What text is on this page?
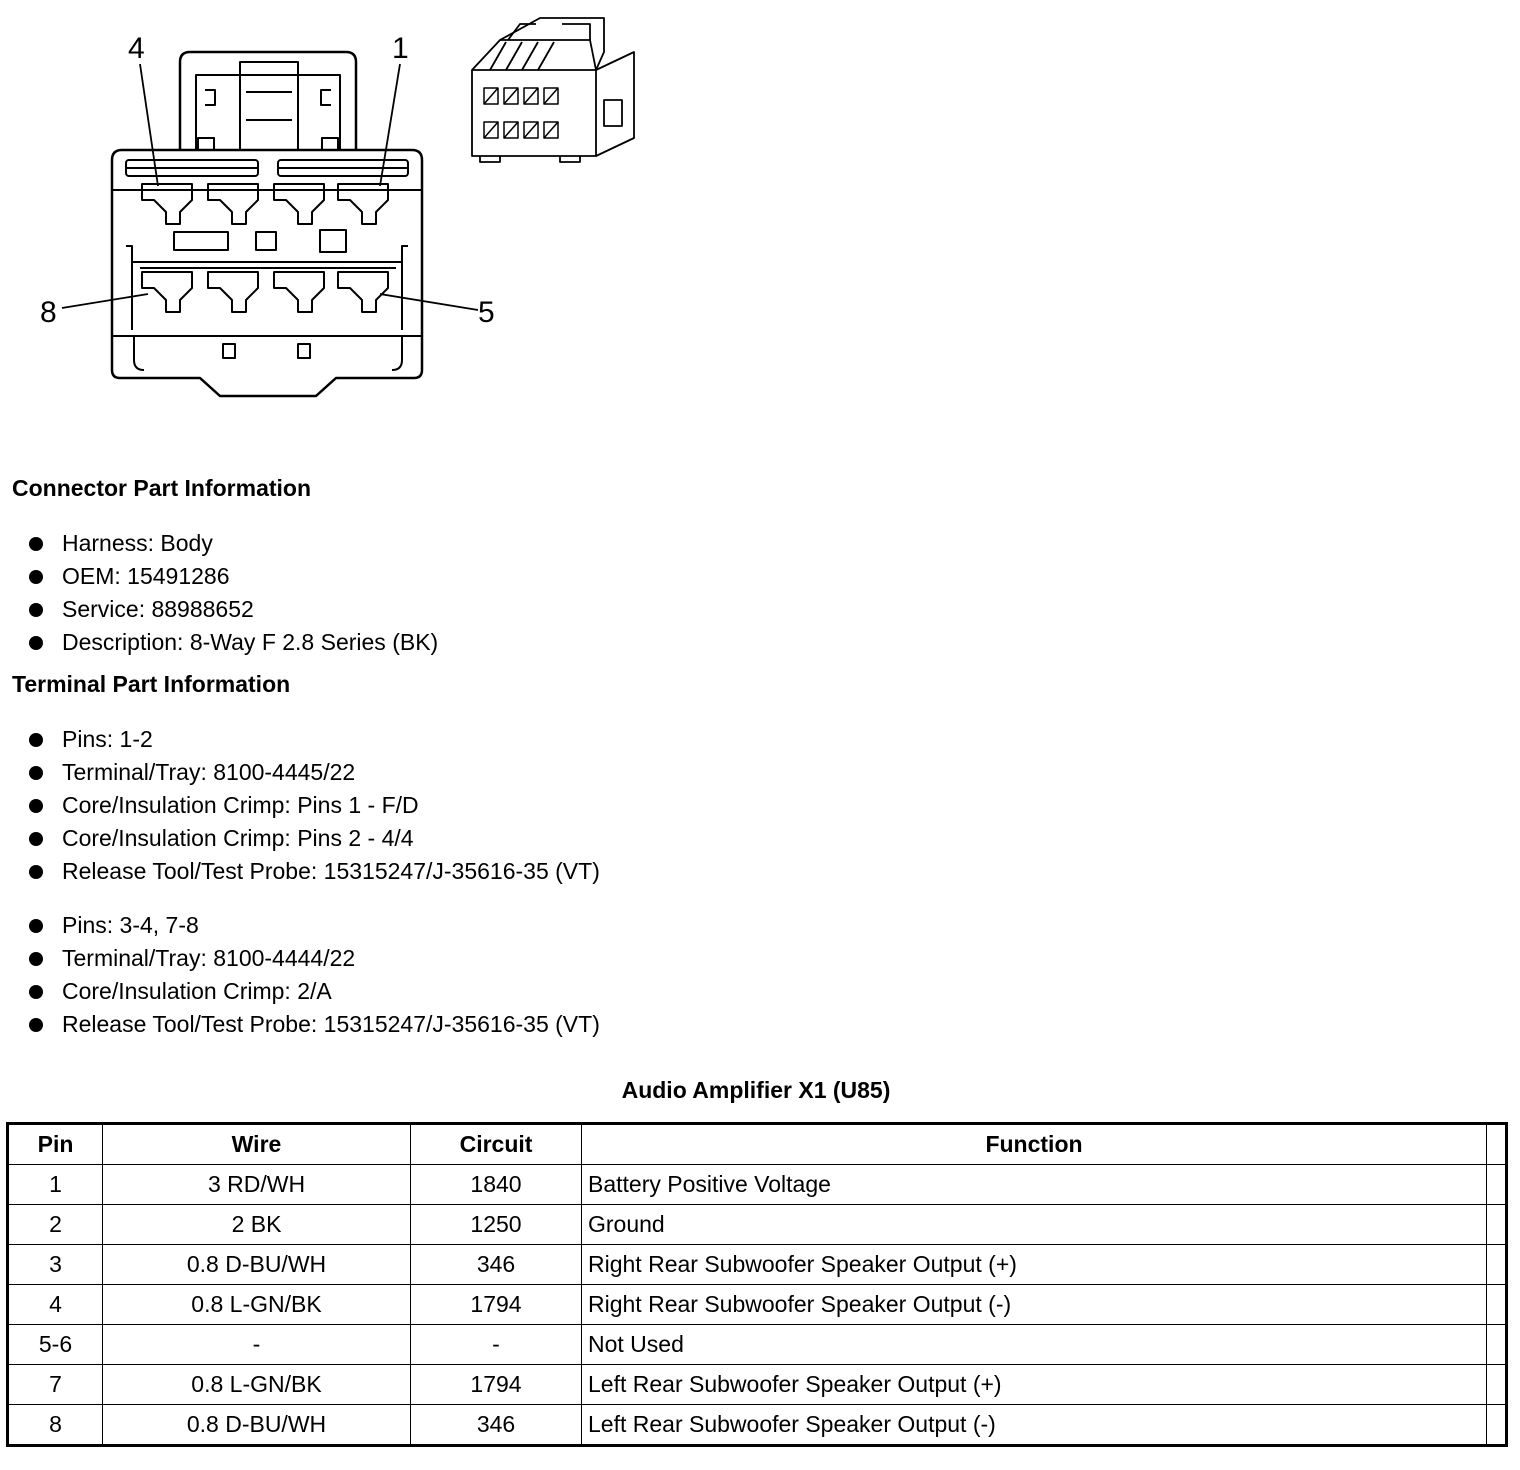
4	1
8	5
Connector Part Information
Harness: Body
OEM: 15491286
Service: 88988652
Description: 8-Way F 2.8 Series (BK)
Terminal Part Information
Pins: 1-2
Terminal/Tray: 8100-4445/22
Core/Insulation Crimp: Pins 1 - F/D
Core/Insulation Crimp: Pins 2 - 4/4
Release Tool/Test Probe: 15315247/J-35616-35 (VT)
Pins: 3-4, 7-8
Terminal/Tray: 8100-4444/22
Core/Insulation Crimp: 2/A
Release Tool/Test Probe: 15315247/J-35616-35 (VT)
Audio Amplifier X1 (U85)
Pin	Wire	Circuit	Function	
1	3 RD/WH	1840	Battery Positive Voltage	
2	2 BK	1250	Ground	
3	0.8 D-BU/WH	346	Right Rear Subwoofer Speaker Output (+)	
4	0.8 L-GN/BK	1794	Right Rear Subwoofer Speaker Output (-)	
5-6	-	-	Not Used	
7	0.8 L-GN/BK	1794	Left Rear Subwoofer Speaker Output (+)	
8	0.8 D-BU/WH	346	Left Rear Subwoofer Speaker Output (-)	
